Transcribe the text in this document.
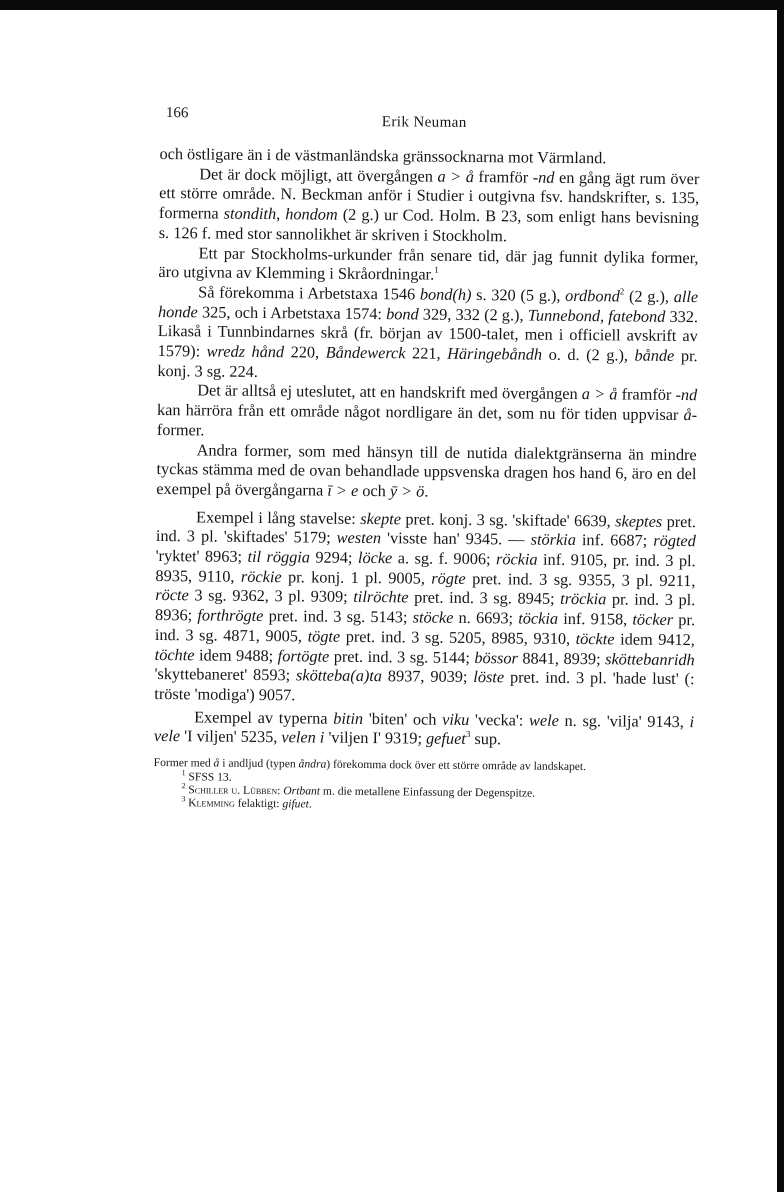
166
Erik Neuman

och östligare än i de västmanländska gränssocknarna mot Värmland.

Det är dock möjligt, att övergången a > å framför -nd en gång ägt rum över ett större område. N. Beckman anför i Studier i outgivna fsv. handskrifter, s. 135, formerna stondith, hondom (2 g.) ur Cod. Holm. B 23, som enligt hans bevisning s. 126 f. med stor sannolikhet är skriven i Stockholm.

Ett par Stockholms-urkunder från senare tid, där jag funnit dylika former, äro utgivna av Klemming i Skråordningar.$^1$

Så förekomma i Arbetstaxa 1546 bond(h) s. 320 (5 g.), ordbond$^2$ (2 g.), alle honde 325, och i Arbetstaxa 1574: bond 329, 332 (2 g.), Tunnebond, fatebond 332. Likaså i Tunnbindarnes skrå (fr. början av 1500-talet, men i officiell avskrift av 1579): wredz hånd 220, Båndewerck 221, Häringebåndh o. d. (2 g.), bånde pr. konj. 3 sg. 224.

Det är alltså ej uteslutet, att en handskrift med övergången a > å framför -nd kan härröra från ett område något nordligare än det, som nu för tiden uppvisar å-former.

Andra former, som med hänsyn till de nutida dialektgränserna än mindre tyckas stämma med de ovan behandlade uppsvenska dragen hos hand 6, äro en del exempel på övergångarna ī > e och ȳ > ö.

Exempel i lång stavelse: skepte pret. konj. 3 sg. 'skiftade' 6639, skeptes pret. ind. 3 pl. 'skiftades' 5179; westen 'visste han' 9345. — störkia inf. 6687; rögted 'ryktet' 8963; til röggia 9294; löcke a. sg. f. 9006; röckia inf. 9105, pr. ind. 3 pl. 8935, 9110, röckie pr. konj. 1 pl. 9005, rögte pret. ind. 3 sg. 9355, 3 pl. 9211, röcte 3 sg. 9362, 3 pl. 9309; tilröchte pret. ind. 3 sg. 8945; tröckia pr. ind. 3 pl. 8936; forthrögte pret. ind. 3 sg. 5143; stöcke n. 6693; töckia inf. 9158, töcker pr. ind. 3 sg. 4871, 9005, tögte pret. ind. 3 sg. 5205, 8985, 9310, töckte idem 9412, töchte idem 9488; fortögte pret. ind. 3 sg. 5144; bössor 8841, 8939; sköttebanridh 'skyttebaneret' 8593; skötteba(a)ta 8937, 9039; löste pret. ind. 3 pl. 'hade lust' (: tröste 'modiga') 9057.

Exempel av typerna bitin 'biten' och viku 'vecka': wele n. sg. 'vilja' 9143, i vele 'I viljen' 5235, velen i 'viljen I' 9319; gefuet$^3$ sup.

Former med å i andljud (typen åndra) förekomma dock över ett större område av landskapet.

$^1$ SFSS 13.

$^2$ Schiller u. Lübben: Ortbant m. die metallene Einfassung der Degenspitze.

$^3$ Klemming felaktigt: gifuet.
